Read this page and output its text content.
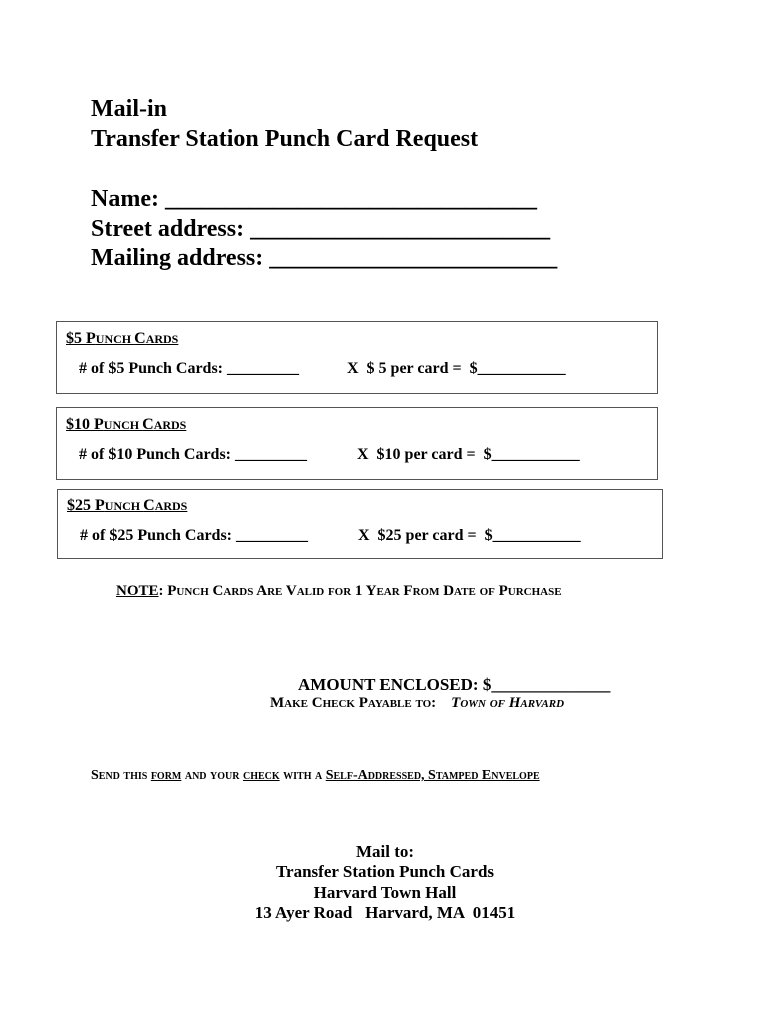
Mail-in
Transfer Station Punch Card Request
Name: _______________________________
Street address: _________________________
Mailing address: ________________________
$5 PUNCH CARDS
# of $5 Punch Cards: _________	X  $ 5 per card =  $___________
$10 PUNCH CARDS
# of $10 Punch Cards: _________	X  $10 per card =  $___________
$25 PUNCH CARDS
# of $25 Punch Cards: _________	X  $25 per card =  $___________
NOTE: Punch Cards Are Valid for 1 Year From Date of Purchase
AMOUNT ENCLOSED: $______________
Make Check Payable to: Town of Harvard
Send this form and your check with a Self-Addressed, Stamped Envelope
Mail to:
Transfer Station Punch Cards
Harvard Town Hall
13 Ayer Road   Harvard, MA  01451
